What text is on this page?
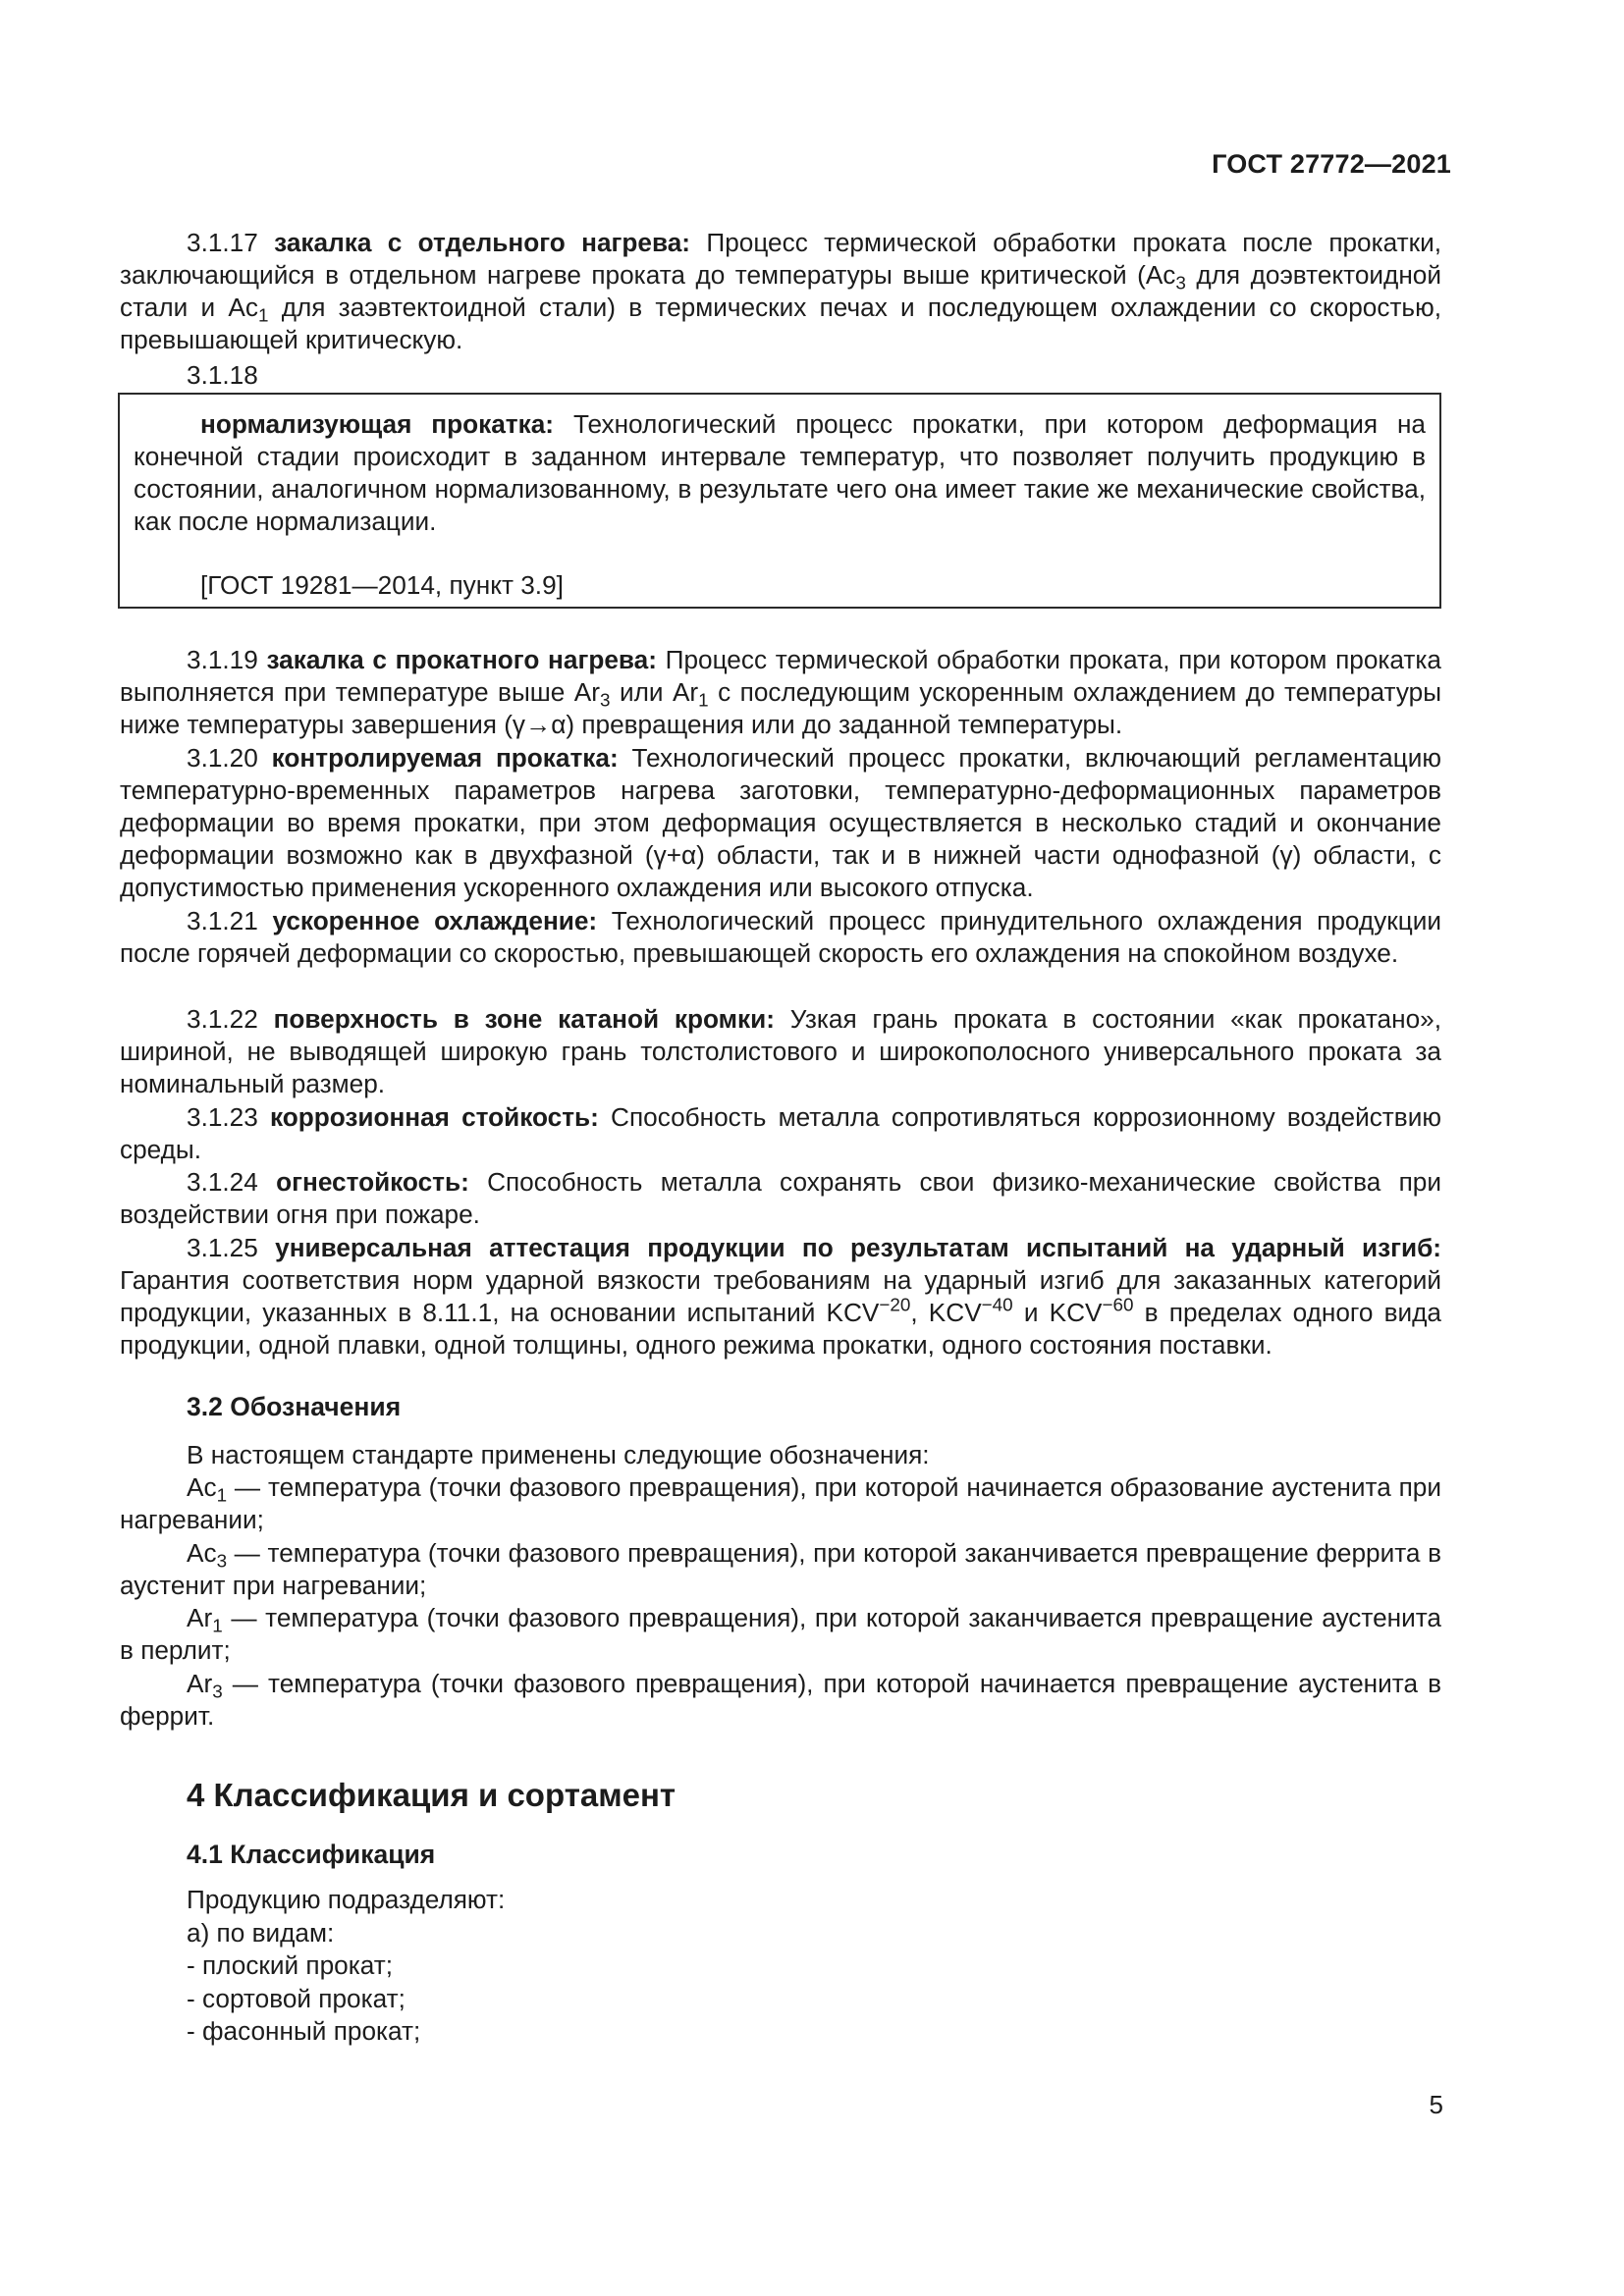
ГОСТ 27772—2021

3.1.17 закалка с отдельного нагрева: Процесс термической обработки проката после прокатки, заключающийся в отдельном нагреве проката до температуры выше критической ($Ac_3$ для доэвтектоидной стали и $Ac_1$ для заэвтектоидной стали) в термических печах и последующем охлаждении со скоростью, превышающей критическую.

3.1.18

нормализующая прокатка: Технологический процесс прокатки, при котором деформация на конечной стадии происходит в заданном интервале температур, что позволяет получить продукцию в состоянии, аналогичном нормализованному, в результате чего она имеет такие же механические свойства, как после нормализации.

[ГОСТ 19281—2014, пункт 3.9]

3.1.19 закалка с прокатного нагрева: Процесс термической обработки проката, при котором прокатка выполняется при температуре выше $Ar_3$ или $Ar_1$ с последующим ускоренным охлаждением до температуры ниже температуры завершения (γ→α) превращения или до заданной температуры.

3.1.20 контролируемая прокатка: Технологический процесс прокатки, включающий регламентацию температурно-временных параметров нагрева заготовки, температурно-деформационных параметров деформации во время прокатки, при этом деформация осуществляется в несколько стадий и окончание деформации возможно как в двухфазной (γ+α) области, так и в нижней части однофазной (γ) области, с допустимостью применения ускоренного охлаждения или высокого отпуска.

3.1.21 ускоренное охлаждение: Технологический процесс принудительного охлаждения продукции после горячей деформации со скоростью, превышающей скорость его охлаждения на спокойном воздухе.

3.1.22 поверхность в зоне катаной кромки: Узкая грань проката в состоянии «как прокатано», шириной, не выводящей широкую грань толстолистового и широкополосного универсального проката за номинальный размер.

3.1.23 коррозионная стойкость: Способность металла сопротивляться коррозионному воздействию среды.

3.1.24 огнестойкость: Способность металла сохранять свои физико-механические свойства при воздействии огня при пожаре.

3.1.25 универсальная аттестация продукции по результатам испытаний на ударный изгиб: Гарантия соответствия норм ударной вязкости требованиям на ударный изгиб для заказанных категорий продукции, указанных в 8.11.1, на основании испытаний $KCV^{-20}$, $KCV^{-40}$ и $KCV^{-60}$ в пределах одного вида продукции, одной плавки, одной толщины, одного режима прокатки, одного состояния поставки.

3.2 Обозначения

В настоящем стандарте применены следующие обозначения:

$Ac_1$ — температура (точки фазового превращения), при которой начинается образование аустенита при нагревании;

$Ac_3$ — температура (точки фазового превращения), при которой заканчивается превращение феррита в аустенит при нагревании;

$Ar_1$ — температура (точки фазового превращения), при которой заканчивается превращение аустенита в перлит;

$Ar_3$ — температура (точки фазового превращения), при которой начинается превращение аустенита в феррит.

4 Классификация и сортамент

4.1 Классификация

Продукцию подразделяют:
а) по видам:
- плоский прокат;
- сортовой прокат;
- фасонный прокат;
5
